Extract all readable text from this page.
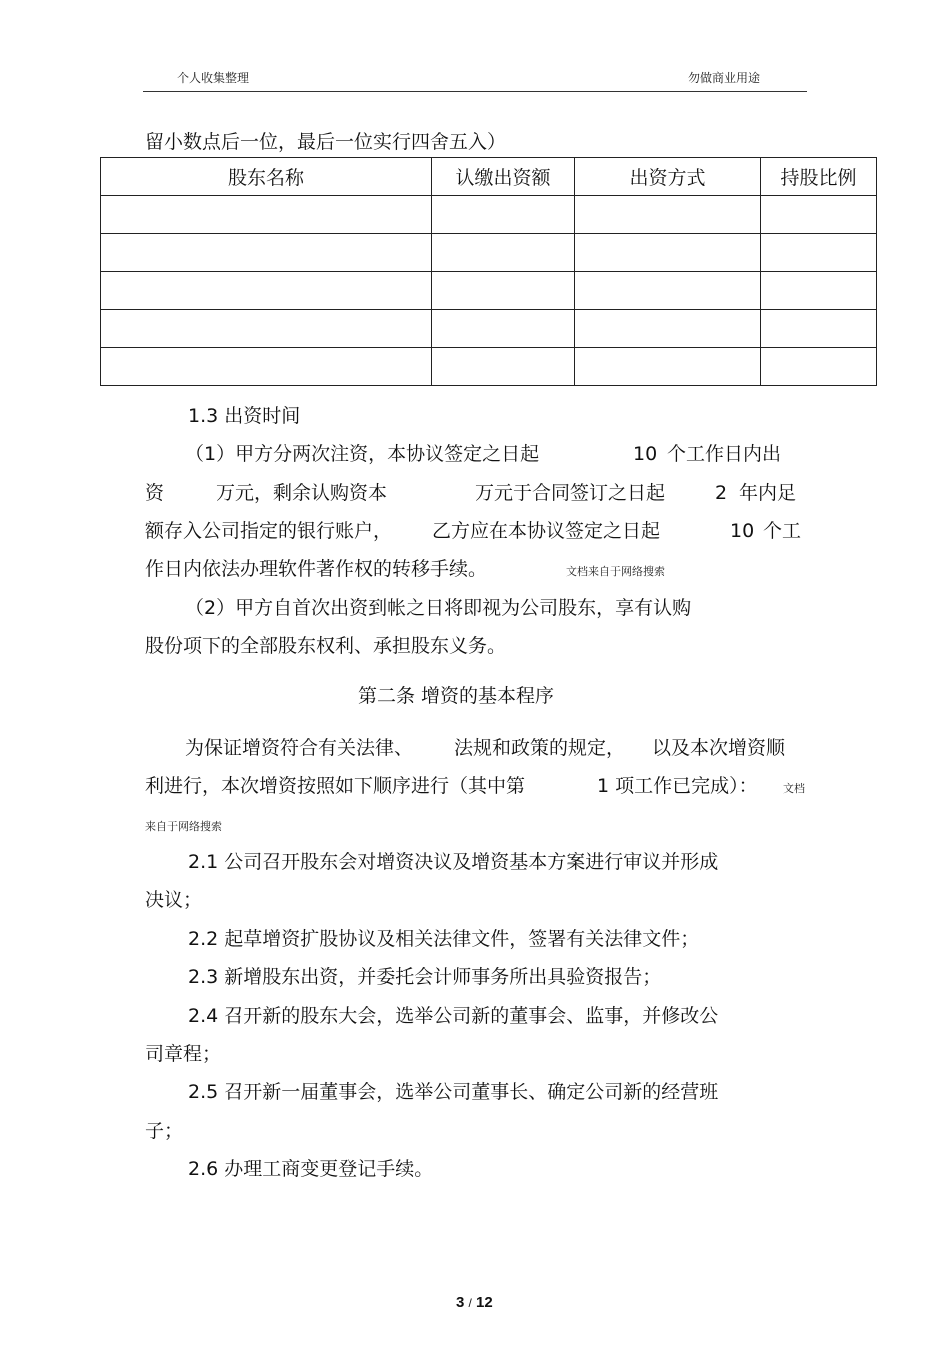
个人收集整理	勿做商业用途
留小数点后一位，最后一位实行四舍五入）
股东名称	认缴出资额	出资方式	持股比例

1.3 出资时间
（1）甲方分两次注资，本协议签定之日起	10 个工作日内出
资	万元，剩余认购资本	万元于合同签订之日起	2 年内足
额存入公司指定的银行账户， 乙方应在本协议签定之日起	10 个工
作日内依法办理软件著作权的转移手续。	文档来自于网络搜索
（2）甲方自首次出资到帐之日将即视为公司股东，享有认购
股份项下的全部股东权利、承担股东义务。
第二条 增资的基本程序
为保证增资符合有关法律、 法规和政策的规定， 以及本次增资顺
利进行，本次增资按照如下顺序进行（其中第	1 项工作已完成）： 文档
来自于网络搜索
2.1 公司召开股东会对增资决议及增资基本方案进行审议并形成
决议；
2.2 起草增资扩股协议及相关法律文件，签署有关法律文件；
2.3 新增股东出资，并委托会计师事务所出具验资报告；
2.4 召开新的股东大会，选举公司新的董事会、监事，并修改公
司章程；
2.5 召开新一届董事会，选举公司董事长、确定公司新的经营班
子；
2.6 办理工商变更登记手续。
3 / 12
